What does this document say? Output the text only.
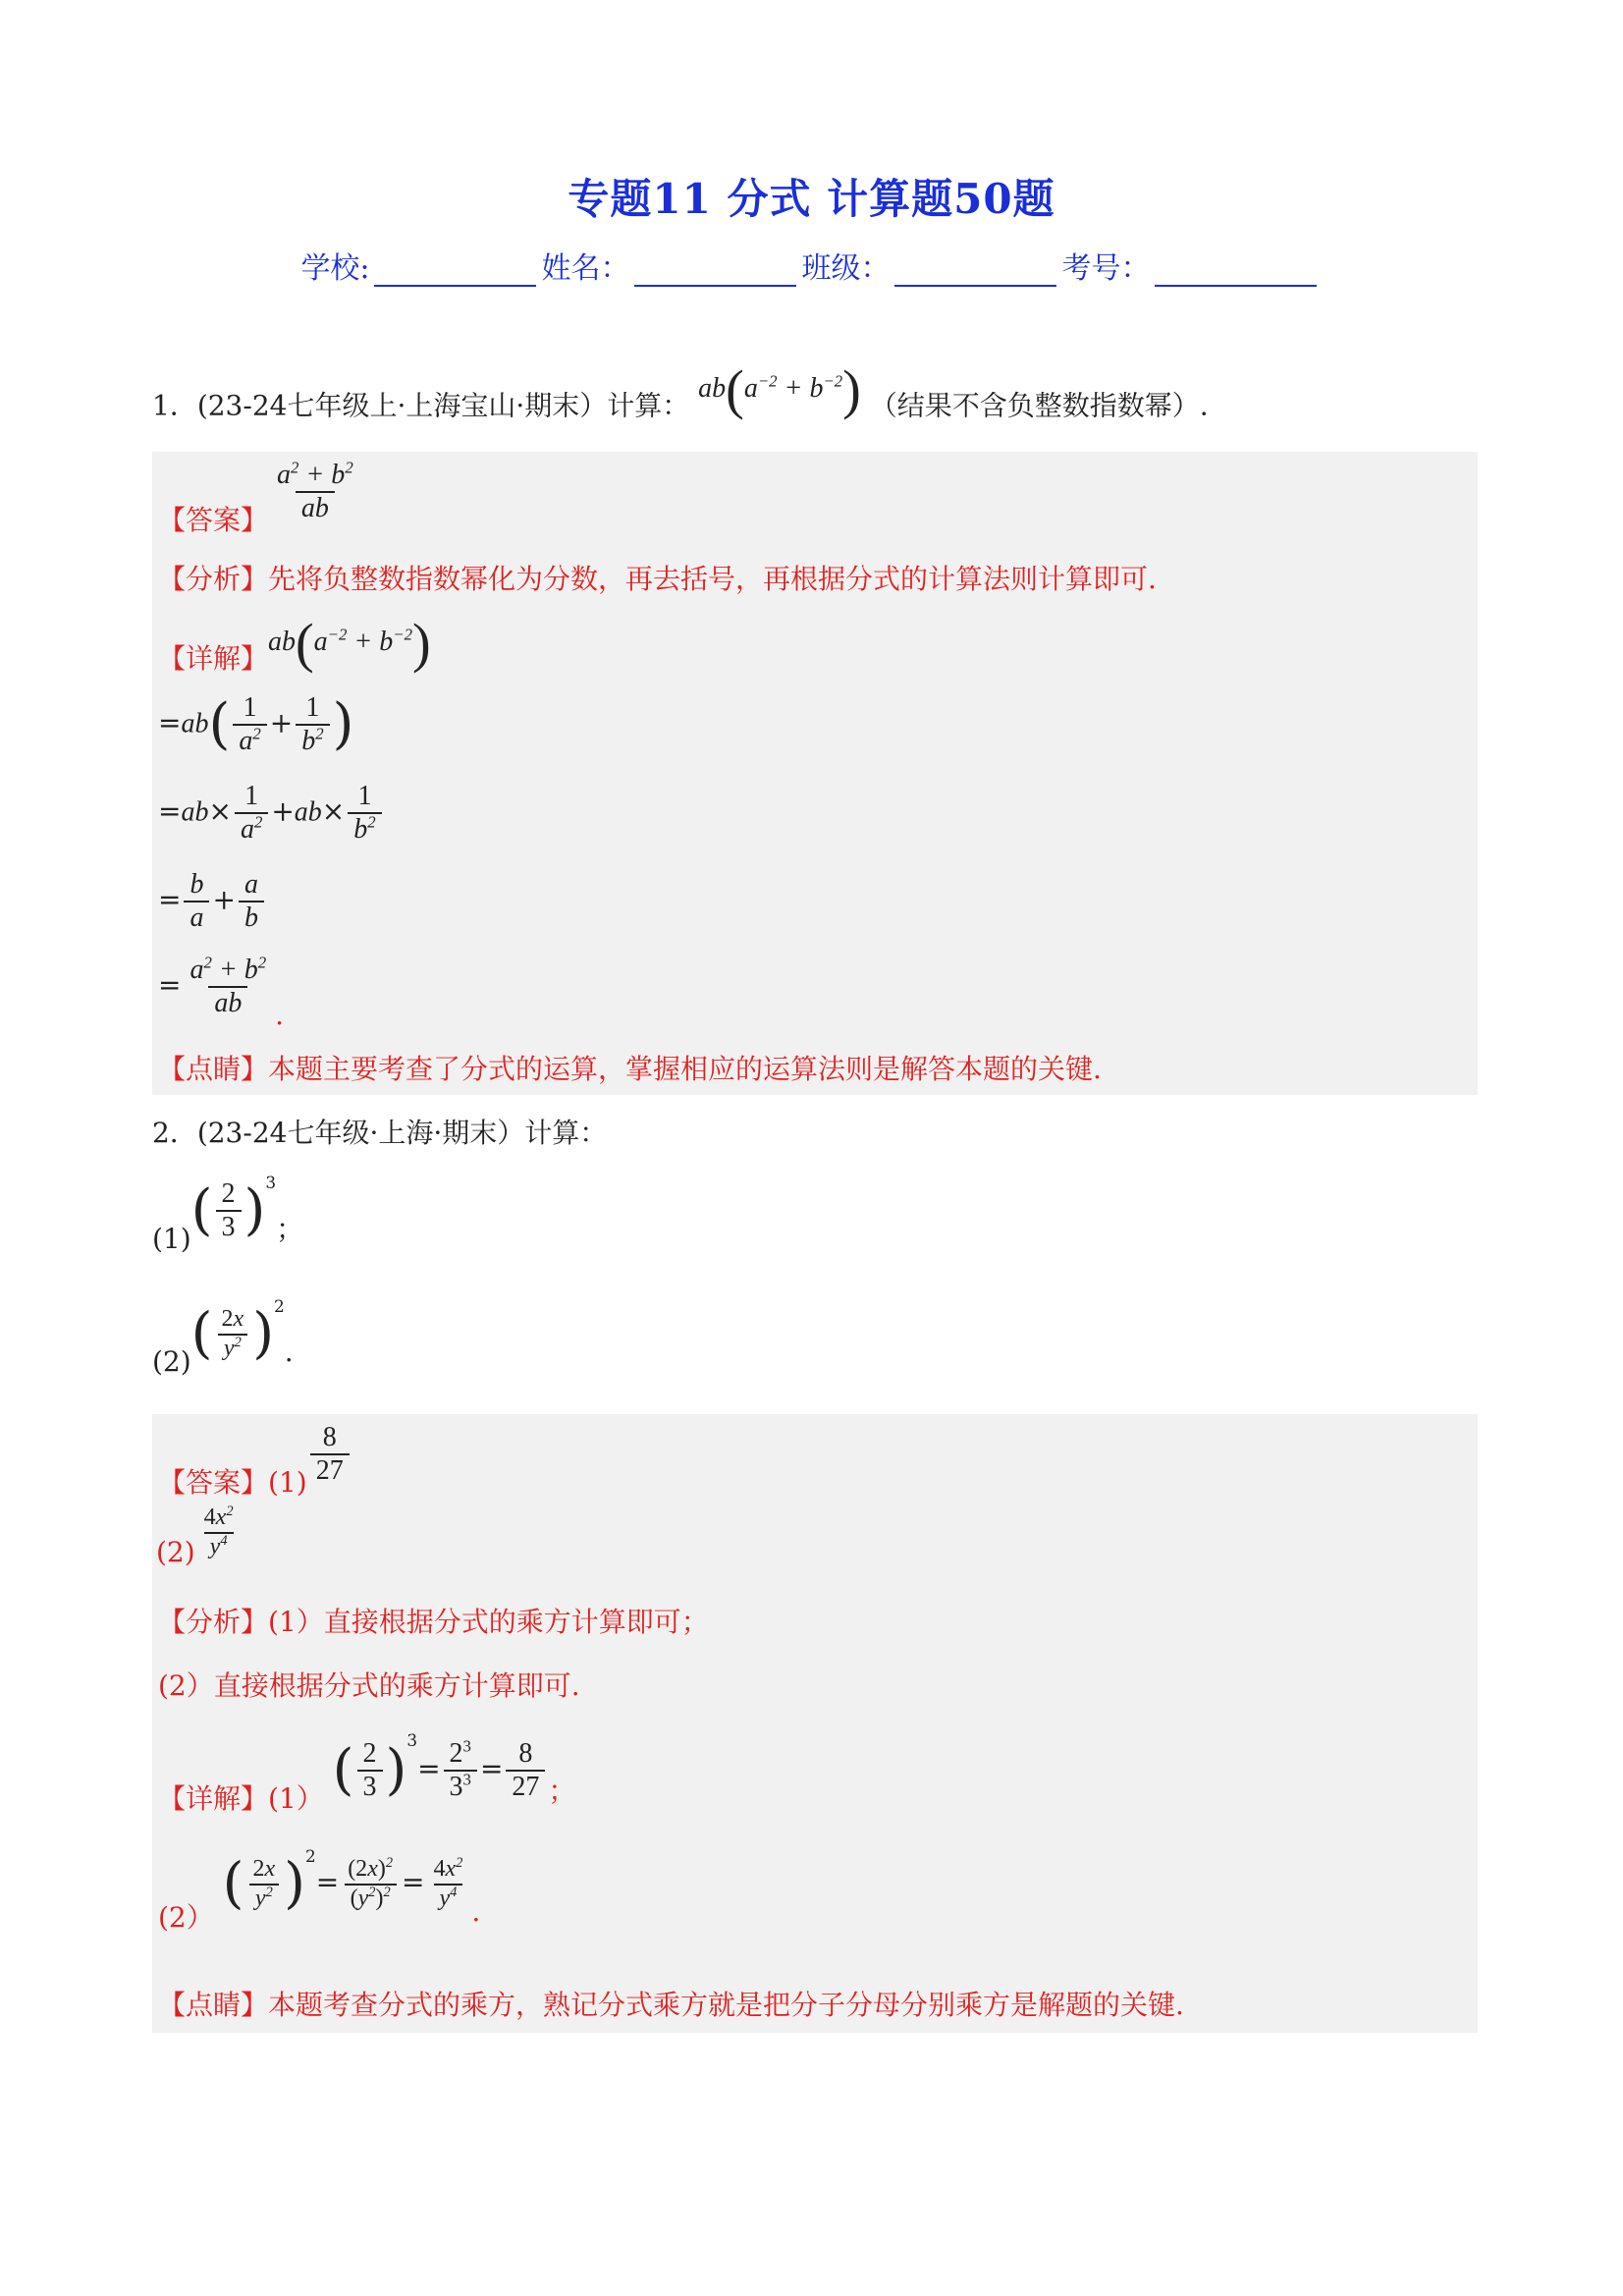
专题11 分式 计算题50题
学校:	姓名：	班级：	考号：
1．(23-24七年级上·上海宝山·期末）计算： $ab(a^{-2} + b^{-2})$ （结果不含负整数指数幂）.
【答案】 $\frac{a^2 + b^2}{ab}$
【分析】先将负整数指数幂化为分数，再去括号，再根据分式的计算法则计算即可.
【详解】$ab(a^{-2} + b^{-2})$
$=ab( \frac{1}{a^2} + \frac{1}{b^2}$ )
$=ab\times \frac{1}{a^2} +ab\times \frac{1}{b^2}$
= $\frac{b}{a} + \frac{a}{b}$
= $\frac{a^2 + b^2}{ab}$ .
【点睛】本题主要考查了分式的运算，掌握相应的运算法则是解答本题的关键.
2．(23-24七年级·上海·期末）计算：
$(1)( \frac{2}{3} )^3$；
$(2)( \frac{2x}{y^2} )^2$.
【答案】$(1) \frac{8}{27}$
$(2) \frac{4x^2}{y^4}$
【分析】(1）直接根据分式的乘方计算即可；
(2）直接根据分式的乘方计算即可.
【详解】(1） ( $\frac{2}{3} )^3= \frac{2^3}{3^3} = \frac{8}{27}$ ；
(2） ( $\frac{2x}{y^2} )^2= \frac{(2x)^2}{(y^2)^2} = \frac{4x^2}{y^4}$ .
【点睛】本题考查分式的乘方，熟记分式乘方就是把分子分母分别乘方是解题的关键.
